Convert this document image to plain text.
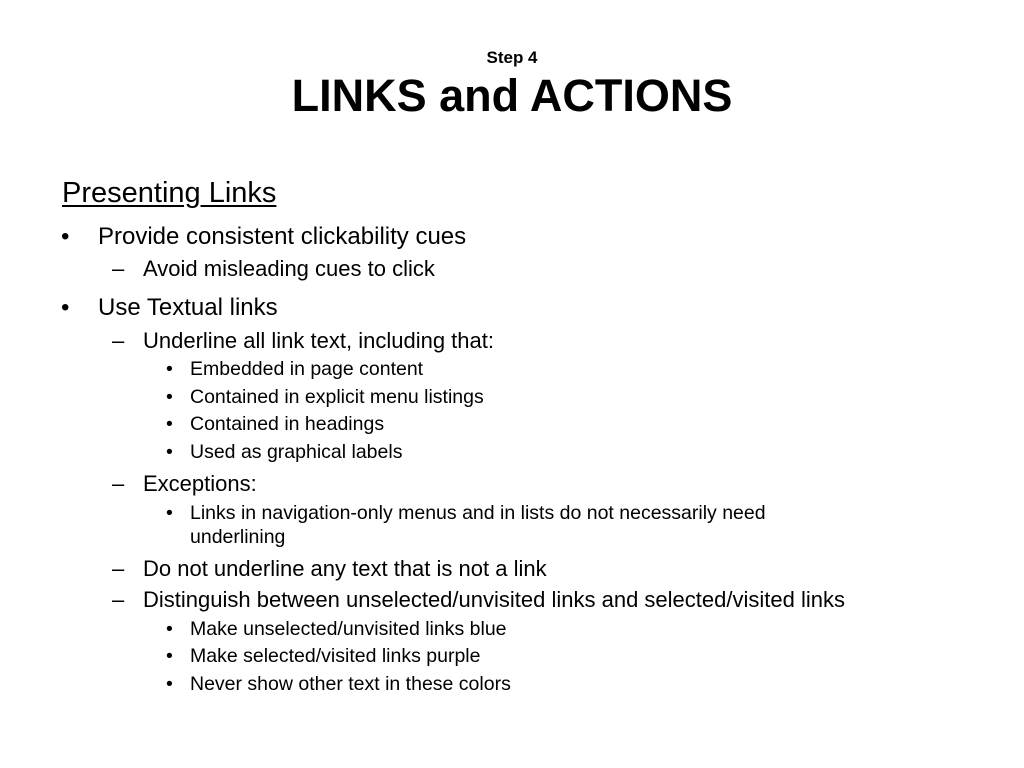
Step 4
LINKS and ACTIONS
Presenting Links
• Provide consistent clickability cues
– Avoid misleading cues to click
• Use Textual links
– Underline all link text, including that:
• Embedded in page content
• Contained in explicit menu listings
• Contained in headings
• Used as graphical labels
– Exceptions:
• Links in navigation-only menus and in lists do not necessarily need
underlining
– Do not underline any text that is not a link
– Distinguish between unselected/unvisited links and selected/visited links
• Make unselected/unvisited links blue
• Make selected/visited links purple
• Never show other text in these colors
